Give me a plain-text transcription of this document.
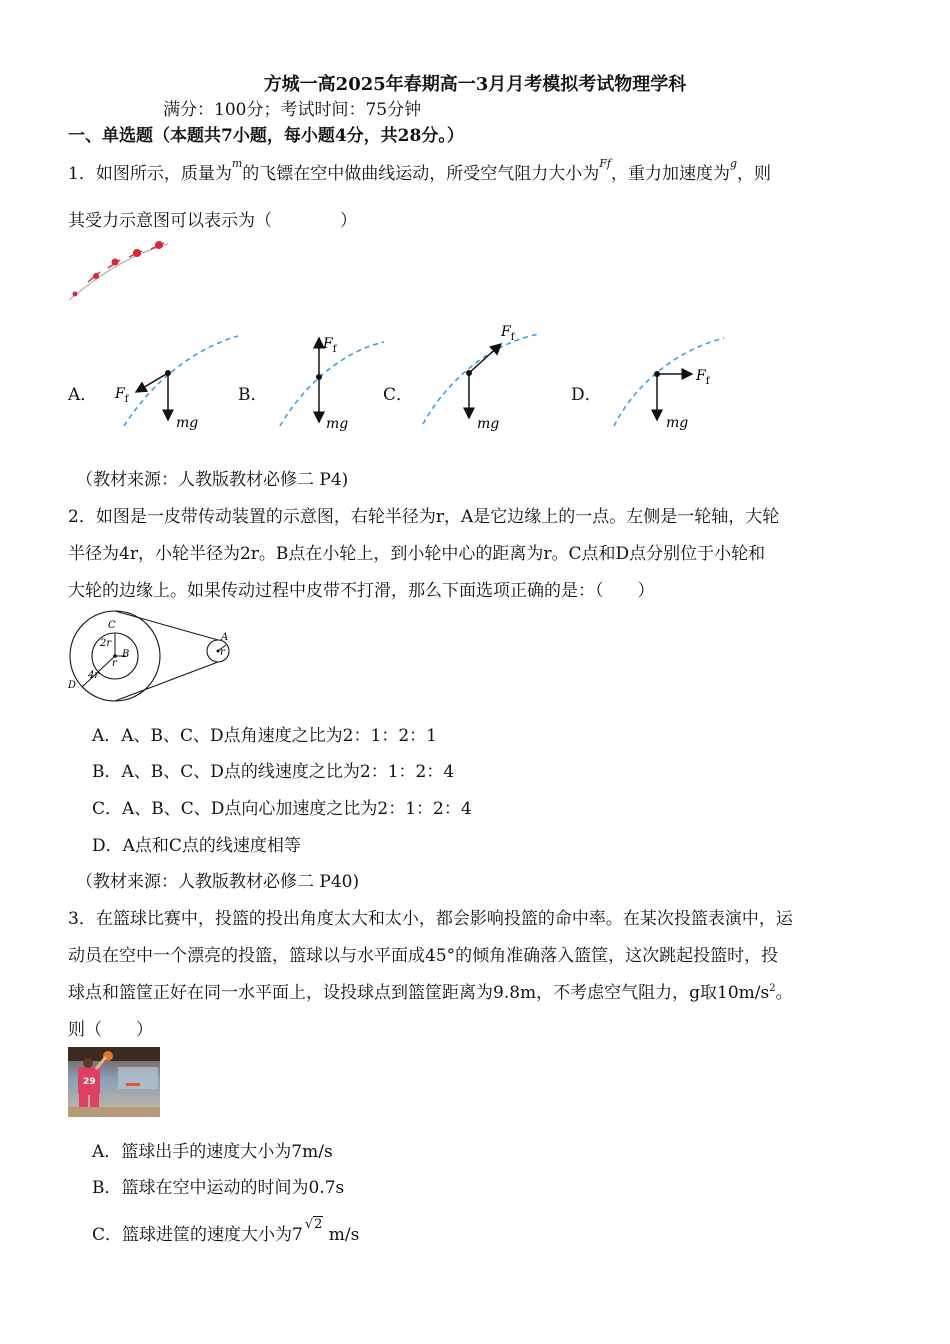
方城一高2025年春期高一3月月考模拟考试物理学科
满分：100分；考试时间：75分钟
一、单选题（本题共7小题，每小题4分，共28分。）
1．如图所示，质量为$^m$的飞镖在空中做曲线运动，所受空气阻力大小为$^{Ff}$，重力加速度为$^g$，则
其受力示意图可以表示为（　　　　）
A．	B．	C．	D．
$F_f$
mg
$F_f$
mg
$F_f$
mg
$F_f$
mg
（教材来源：人教版教材必修二 P4)
2．如图是一皮带传动装置的示意图，右轮半径为r，A是它边缘上的一点。左侧是一轮轴，大轮
半径为4r，小轮半径为2r。B点在小轮上，到小轮中心的距离为r。C点和D点分别位于小轮和
大轮的边缘上。如果传动过程中皮带不打滑，那么下面选项正确的是：（　　）
C
2r
B
r
4r
D
A
r
A．A、B、C、D点角速度之比为2：1：2：1
B．A、B、C、D点的线速度之比为2：1：2：4
C．A、B、C、D点向心加速度之比为2：1：2：4
D．A点和C点的线速度相等
（教材来源：人教版教材必修二 P40)
3．在篮球比赛中，投篮的投出角度太大和太小，都会影响投篮的命中率。在某次投篮表演中，运
动员在空中一个漂亮的投篮，篮球以与水平面成45°的倾角准确落入篮筐，这次跳起投篮时，投
球点和篮筐正好在同一水平面上，设投球点到篮筐距离为9.8m，不考虑空气阻力，g取$10m/s^2$。
则（　　）
29
A．篮球出手的速度大小为7m/s
B．篮球在空中运动的时间为0.7s
C．篮球进筐的速度大小为7√2 m/s
